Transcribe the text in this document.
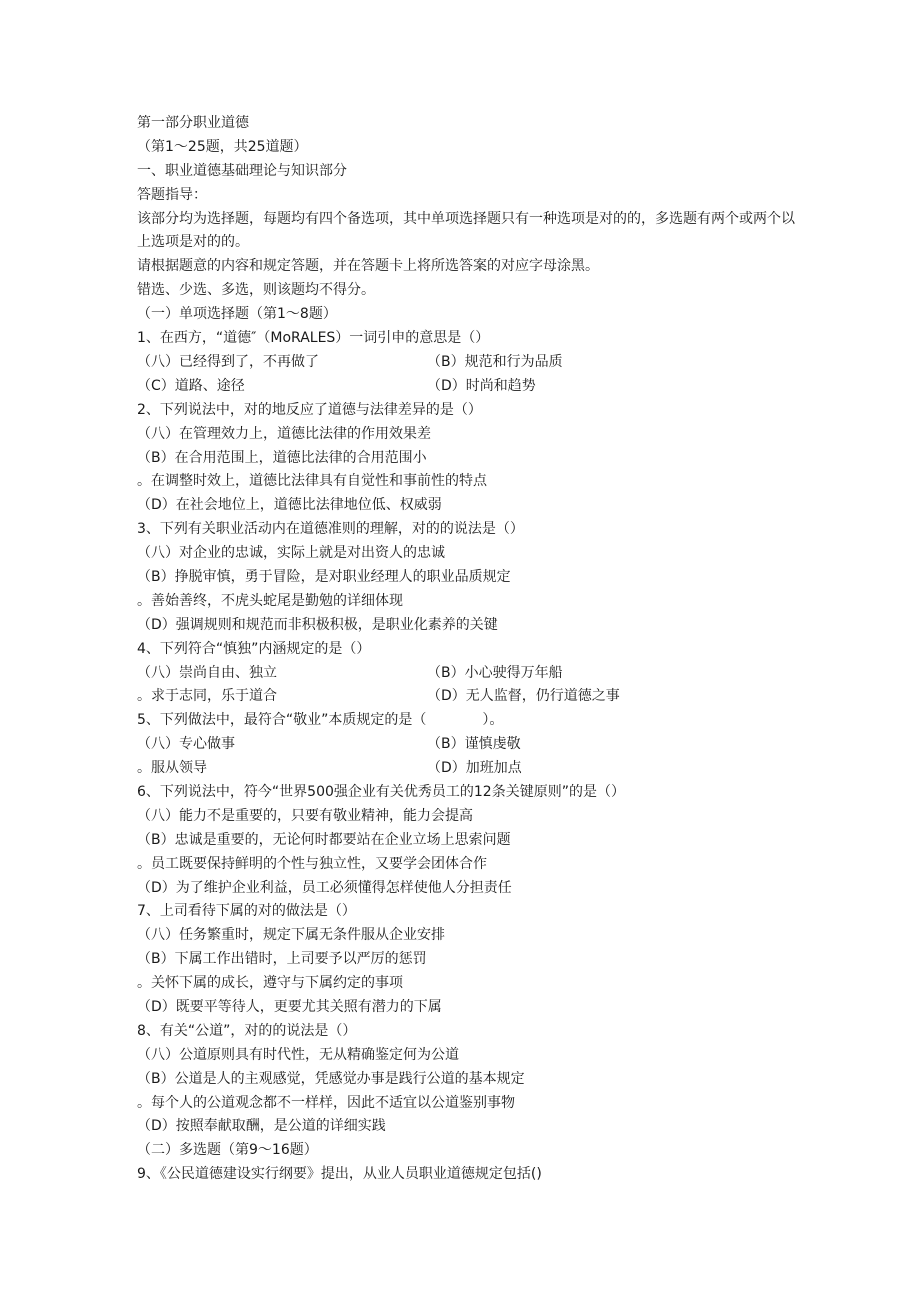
第一部分职业道德
（第1～25题，共25道题）
一、职业道德基础理论与知识部分
答题指导：
该部分均为选择题，每题均有四个备选项，其中单项选择题只有一种选项是对的的，多选题有两个或两个以上选项是对的的。
请根据题意的内容和规定答题，并在答题卡上将所选答案的对应字母涂黑。
错选、少选、多选，则该题均不得分。
（一）单项选择题（第1～8题）
1、在西方，“道德″（MoRALES）一词引申的意思是（）
（八）已经得到了，不再做了	（B）规范和行为品质
（C）道路、途径	（D）时尚和趋势
2、下列说法中，对的地反应了道德与法律差异的是（）
（八）在管理效力上，道德比法律的作用效果差
（B）在合用范围上，道德比法律的合用范围小
。在调整时效上，道德比法律具有自觉性和事前性的特点
（D）在社会地位上，道德比法律地位低、权威弱
3、下列有关职业活动内在道德准则的理解，对的的说法是（）
（八）对企业的忠诚，实际上就是对出资人的忠诚
（B）挣脱审慎，勇于冒险，是对职业经理人的职业品质规定
。善始善终，不虎头蛇尾是勤勉的详细体现
（D）强调规则和规范而非积极积极，是职业化素养的关键
4、下列符合“慎独”内涵规定的是（）
（八）崇尚自由、独立	（B）小心驶得万年船
。求于志同，乐于道合	（D）无人监督，仍行道德之事
5、下列做法中，最符合“敬业”本质规定的是（　　　　）。
（八）专心做事	（B）谨慎虔敬
。服从领导	（D）加班加点
6、下列说法中，符今“世界500强企业有关优秀员工的12条关键原则”的是（）
（八）能力不是重要的，只要有敬业精神，能力会提高
（B）忠诚是重要的，无论何时都要站在企业立场上思索问题
。员工既要保持鲜明的个性与独立性，又要学会团体合作
（D）为了维护企业利益，员工必须懂得怎样使他人分担责任
7、上司看待下属的对的做法是（）
（八）任务繁重时，规定下属无条件服从企业安排
（B）下属工作出错时，上司要予以严厉的惩罚
。关怀下属的成长，遵守与下属约定的事项
（D）既要平等待人，更要尤其关照有潜力的下属
8、有关“公道”，对的的说法是（）
（八）公道原则具有时代性，无从精确鉴定何为公道
（B）公道是人的主观感觉，凭感觉办事是践行公道的基本规定
。每个人的公道观念都不一样样，因此不适宜以公道鉴别事物
（D）按照奉献取酬，是公道的详细实践
（二）多选题（第9～16题）
9、《公民道德建设实行纲要》提出，从业人员职业道德规定包括()
